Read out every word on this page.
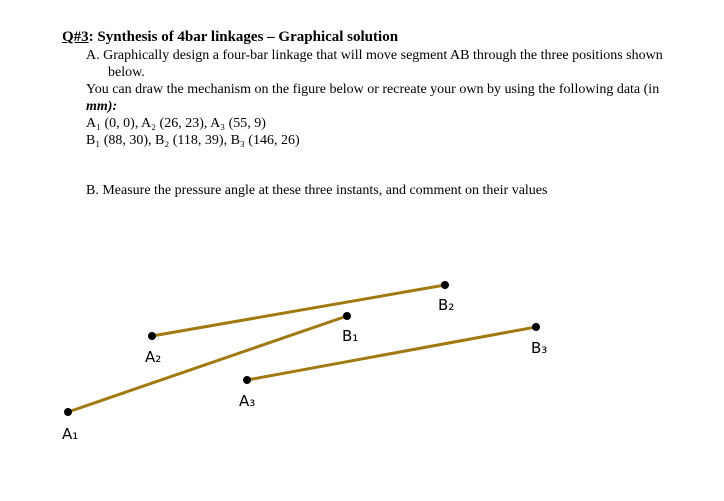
Q#3: Synthesis of 4bar linkages – Graphical solution
A. Graphically design a four-bar linkage that will move segment AB through the three positions shown
below.
You can draw the mechanism on the figure below or recreate your own by using the following data (in
mm):
A₁ (0, 0), A₂ (26, 23), A₃ (55, 9)
B₁ (88, 30), B₂ (118, 39), B₃ (146, 26)
B. Measure the pressure angle at these three instants, and comment on their values
A₁
A₂
A₃
B₁
B₂
B₃
